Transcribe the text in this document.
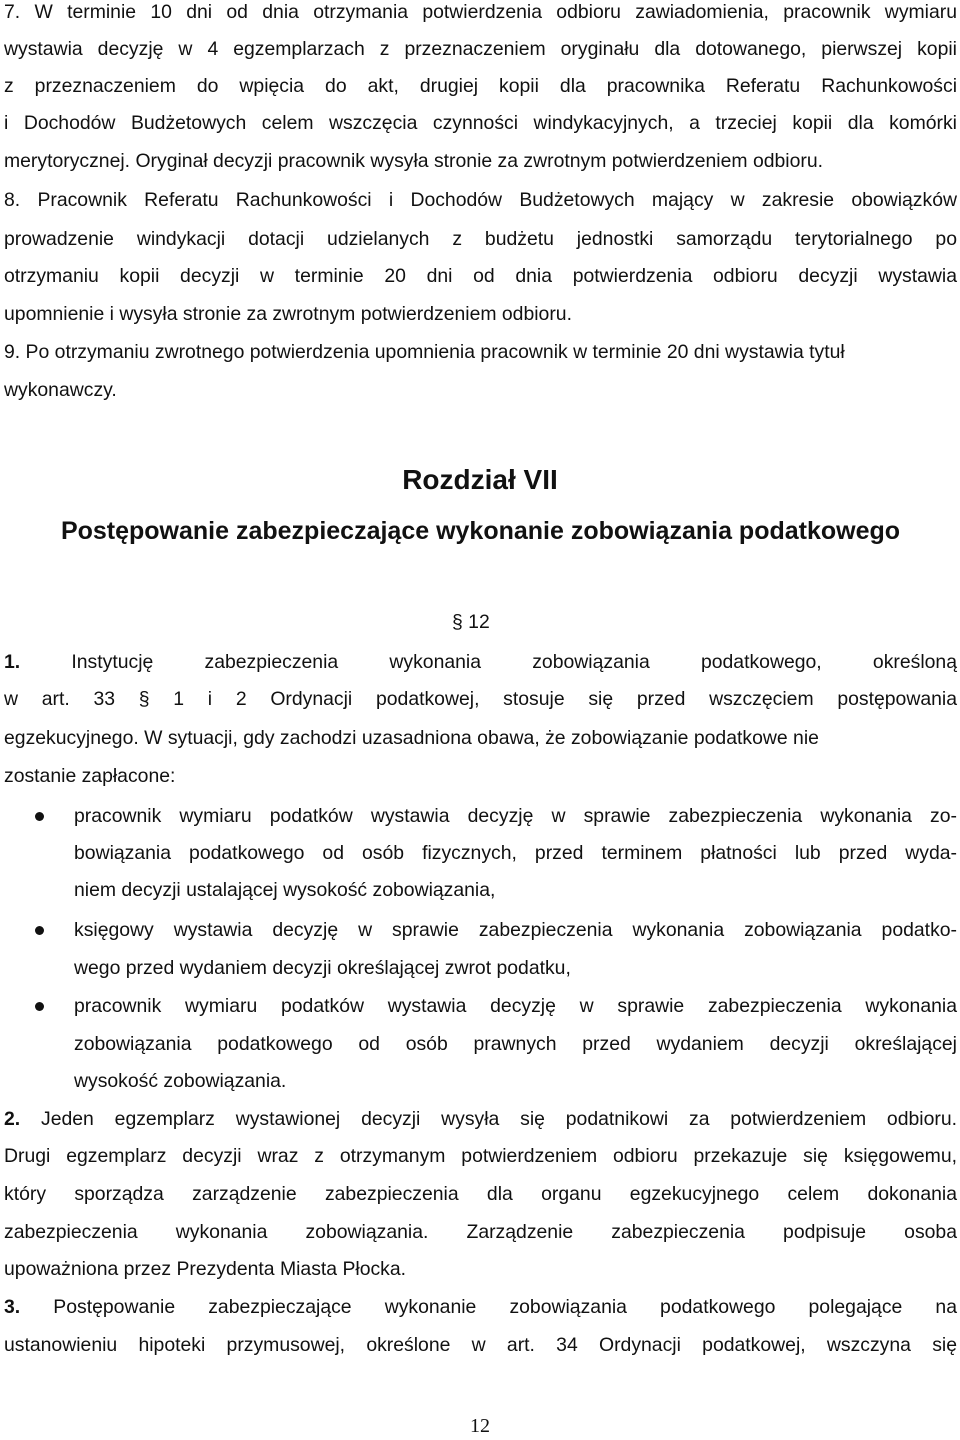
7. W terminie 10 dni od dnia otrzymania potwierdzenia odbioru zawiadomienia, pracownik wymiaru
wystawia decyzję w 4 egzemplarzach z przeznaczeniem oryginału dla dotowanego, pierwszej kopii
z przeznaczeniem do wpięcia do akt, drugiej kopii dla pracownika Referatu Rachunkowości
i Dochodów Budżetowych celem wszczęcia czynności windykacyjnych, a trzeciej kopii dla komórki
merytorycznej. Oryginał decyzji pracownik wysyła stronie za zwrotnym potwierdzeniem odbioru.
8. Pracownik Referatu Rachunkowości i Dochodów Budżetowych mający w zakresie obowiązków
prowadzenie windykacji dotacji udzielanych z budżetu jednostki samorządu terytorialnego po
otrzymaniu kopii decyzji w terminie 20 dni od dnia potwierdzenia odbioru decyzji wystawia
upomnienie i wysyła stronie za zwrotnym potwierdzeniem odbioru.
9. Po otrzymaniu zwrotnego potwierdzenia upomnienia pracownik w terminie 20 dni wystawia tytuł
wykonawczy.
Rozdział VII
Postępowanie zabezpieczające wykonanie zobowiązania podatkowego
§ 12
1.	Instytucję zabezpieczenia wykonania zobowiązania podatkowego, określoną
w art. 33 § 1 i 2 Ordynacji podatkowej, stosuje się przed wszczęciem postępowania
egzekucyjnego. W sytuacji, gdy zachodzi uzasadniona obawa, że zobowiązanie podatkowe nie
zostanie zapłacone:
pracownik wymiaru podatków wystawia decyzję w sprawie zabezpieczenia wykonania zo-
bowiązania podatkowego od osób fizycznych, przed terminem płatności lub przed wyda-
niem decyzji ustalającej wysokość zobowiązania,
księgowy wystawia decyzję w sprawie zabezpieczenia wykonania zobowiązania podatko-
wego przed wydaniem decyzji określającej zwrot podatku,
pracownik wymiaru podatków wystawia decyzję w sprawie zabezpieczenia wykonania
zobowiązania podatkowego od osób prawnych przed wydaniem decyzji określającej
wysokość zobowiązania.
2. Jeden egzemplarz wystawionej decyzji wysyła się podatnikowi za potwierdzeniem odbioru.
Drugi egzemplarz decyzji wraz z otrzymanym potwierdzeniem odbioru przekazuje się księgowemu,
który sporządza zarządzenie zabezpieczenia dla organu egzekucyjnego celem dokonania
zabezpieczenia wykonania zobowiązania. Zarządzenie zabezpieczenia podpisuje osoba
upoważniona przez Prezydenta Miasta Płocka.
3. Postępowanie zabezpieczające wykonanie zobowiązania podatkowego polegające na
ustanowieniu hipoteki przymusowej, określone w art. 34 Ordynacji podatkowej, wszczyna się
12
